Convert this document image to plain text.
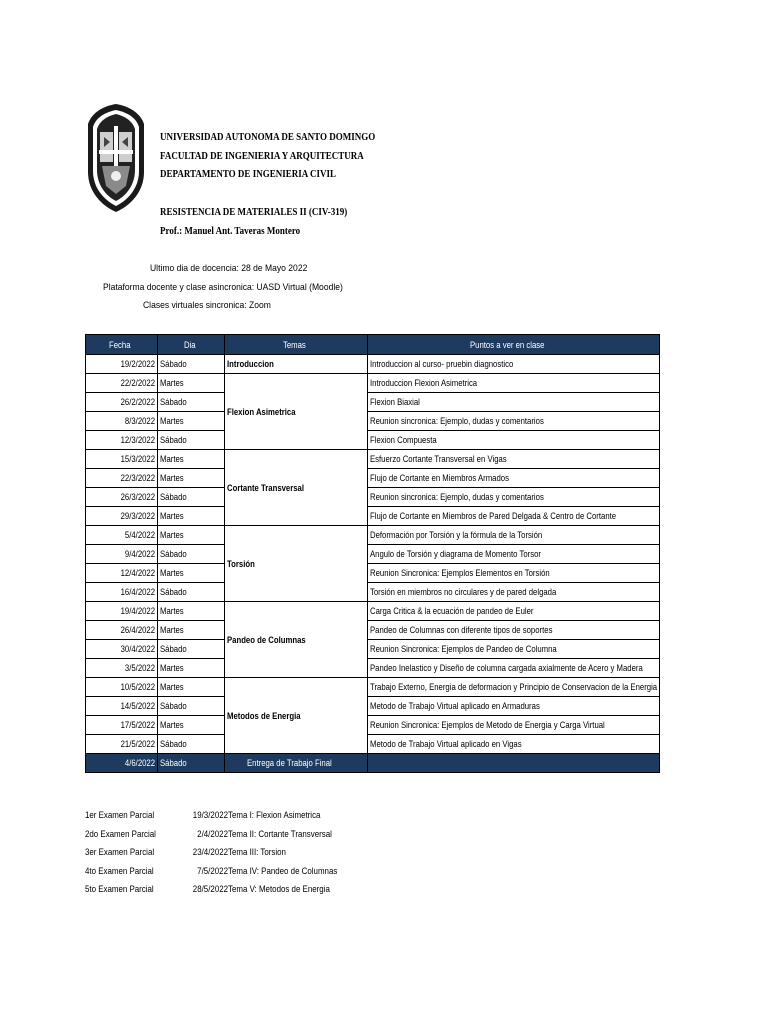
UNIVERSIDAD AUTONOMA DE SANTO DOMINGO
FACULTAD DE INGENIERIA Y ARQUITECTURA
DEPARTAMENTO DE INGENIERIA CIVIL
RESISTENCIA DE MATERIALES II (CIV-319)
Prof.: Manuel Ant. Taveras Montero
Ultimo dia de docencia: 28 de Mayo 2022
Plataforma docente y clase asincronica: UASD Virtual (Moodle)
Clases virtuales sincronica: Zoom
Fecha	Dia	Temas	Puntos a ver en clase
19/2/2022	Sábado	Introduccion	Introduccion al curso- pruebin diagnostico
22/2/2022	Martes	Flexion Asimetrica	Introduccion Flexion Asimetrica
26/2/2022	Sábado		Flexion Biaxial
8/3/2022	Martes		Reunion sincronica: Ejemplo, dudas y comentarios
12/3/2022	Sábado		Flexion Compuesta
15/3/2022	Martes	Cortante Transversal	Esfuerzo Cortante Transversal en Vigas
22/3/2022	Martes		Flujo de Cortante en Miembros Armados
26/3/2022	Sábado		Reunion sincronica: Ejemplo, dudas y comentarios
29/3/2022	Martes		Flujo de Cortante en Miembros de Pared Delgada & Centro de Cortante
5/4/2022	Martes	Torsión	Deformación por Torsión y la fórmula de la Torsión
9/4/2022	Sábado		Angulo de Torsión y diagrama de Momento Torsor
12/4/2022	Martes		Reunion Sincronica: Ejemplos Elementos en Torsión
16/4/2022	Sábado		Torsión en miembros no circulares y de pared delgada
19/4/2022	Martes	Pandeo de Columnas	Carga Critica & la ecuación de pandeo de Euler
26/4/2022	Martes		Pandeo de Columnas con diferente tipos de soportes
30/4/2022	Sábado		Reunion Sincronica: Ejemplos de Pandeo de Columna
3/5/2022	Martes		Pandeo Inelastico y Diseño de columna cargada axialmente de Acero y Madera
10/5/2022	Martes	Metodos de Energia	Trabajo Externo, Energia de deformacion y Principio de Conservacion de la Energia
14/5/2022	Sábado		Metodo de Trabajo Virtual aplicado en Armaduras
17/5/2022	Martes		Reunion Sincronica: Ejemplos de Metodo de Energia y Carga Virtual
21/5/2022	Sábado		Metodo de Trabajo Virtual aplicado en Vigas
4/6/2022	Sábado	Entrega de Trabajo Final	
1er Examen Parcial	19/3/2022 Tema I: Flexion Asimetrica
2do Examen Parcial	2/4/2022 Tema II: Cortante Transversal
3er Examen Parcial	23/4/2022 Tema III: Torsion
4to Examen Parcial	7/5/2022 Tema IV: Pandeo de Columnas
5to Examen Parcial	28/5/2022 Tema V: Metodos de Energia
